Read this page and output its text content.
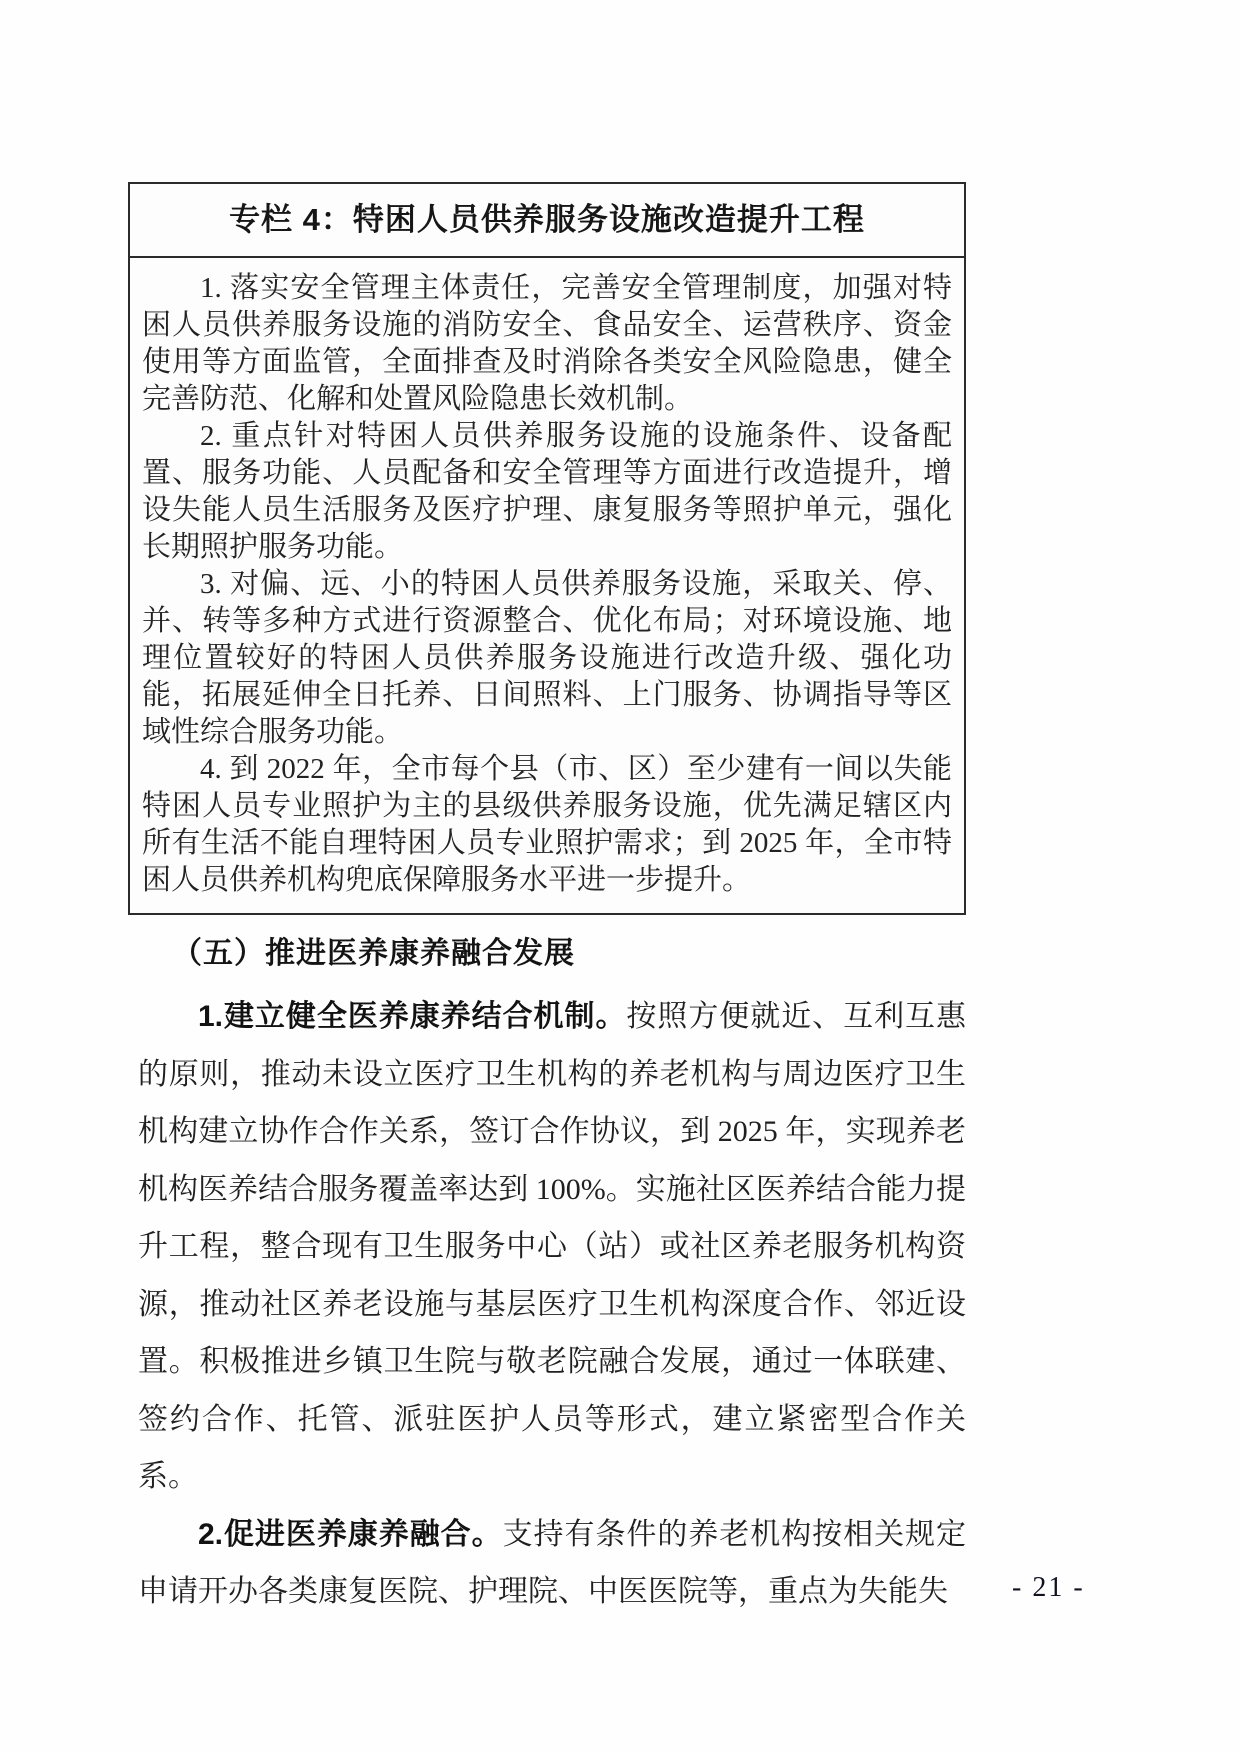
专栏 4：特困人员供养服务设施改造提升工程

1. 落实安全管理主体责任，完善安全管理制度，加强对特困人员供养服务设施的消防安全、食品安全、运营秩序、资金使用等方面监管，全面排查及时消除各类安全风险隐患，健全完善防范、化解和处置风险隐患长效机制。

2. 重点针对特困人员供养服务设施的设施条件、设备配置、服务功能、人员配备和安全管理等方面进行改造提升，增设失能人员生活服务及医疗护理、康复服务等照护单元，强化长期照护服务功能。

3. 对偏、远、小的特困人员供养服务设施，采取关、停、并、转等多种方式进行资源整合、优化布局；对环境设施、地理位置较好的特困人员供养服务设施进行改造升级、强化功能，拓展延伸全日托养、日间照料、上门服务、协调指导等区域性综合服务功能。

4. 到 2022 年，全市每个县（市、区）至少建有一间以失能特困人员专业照护为主的县级供养服务设施，优先满足辖区内所有生活不能自理特困人员专业照护需求；到 2025 年，全市特困人员供养机构兜底保障服务水平进一步提升。

（五）推进医养康养融合发展

1.建立健全医养康养结合机制。按照方便就近、互利互惠的原则，推动未设立医疗卫生机构的养老机构与周边医疗卫生机构建立协作合作关系，签订合作协议，到 2025 年，实现养老机构医养结合服务覆盖率达到 100%。实施社区医养结合能力提升工程，整合现有卫生服务中心（站）或社区养老服务机构资源，推动社区养老设施与基层医疗卫生机构深度合作、邻近设置。积极推进乡镇卫生院与敬老院融合发展，通过一体联建、签约合作、托管、派驻医护人员等形式，建立紧密型合作关系。

2.促进医养康养融合。支持有条件的养老机构按相关规定申请开办各类康复医院、护理院、中医医院等，重点为失能失	- 21 -
